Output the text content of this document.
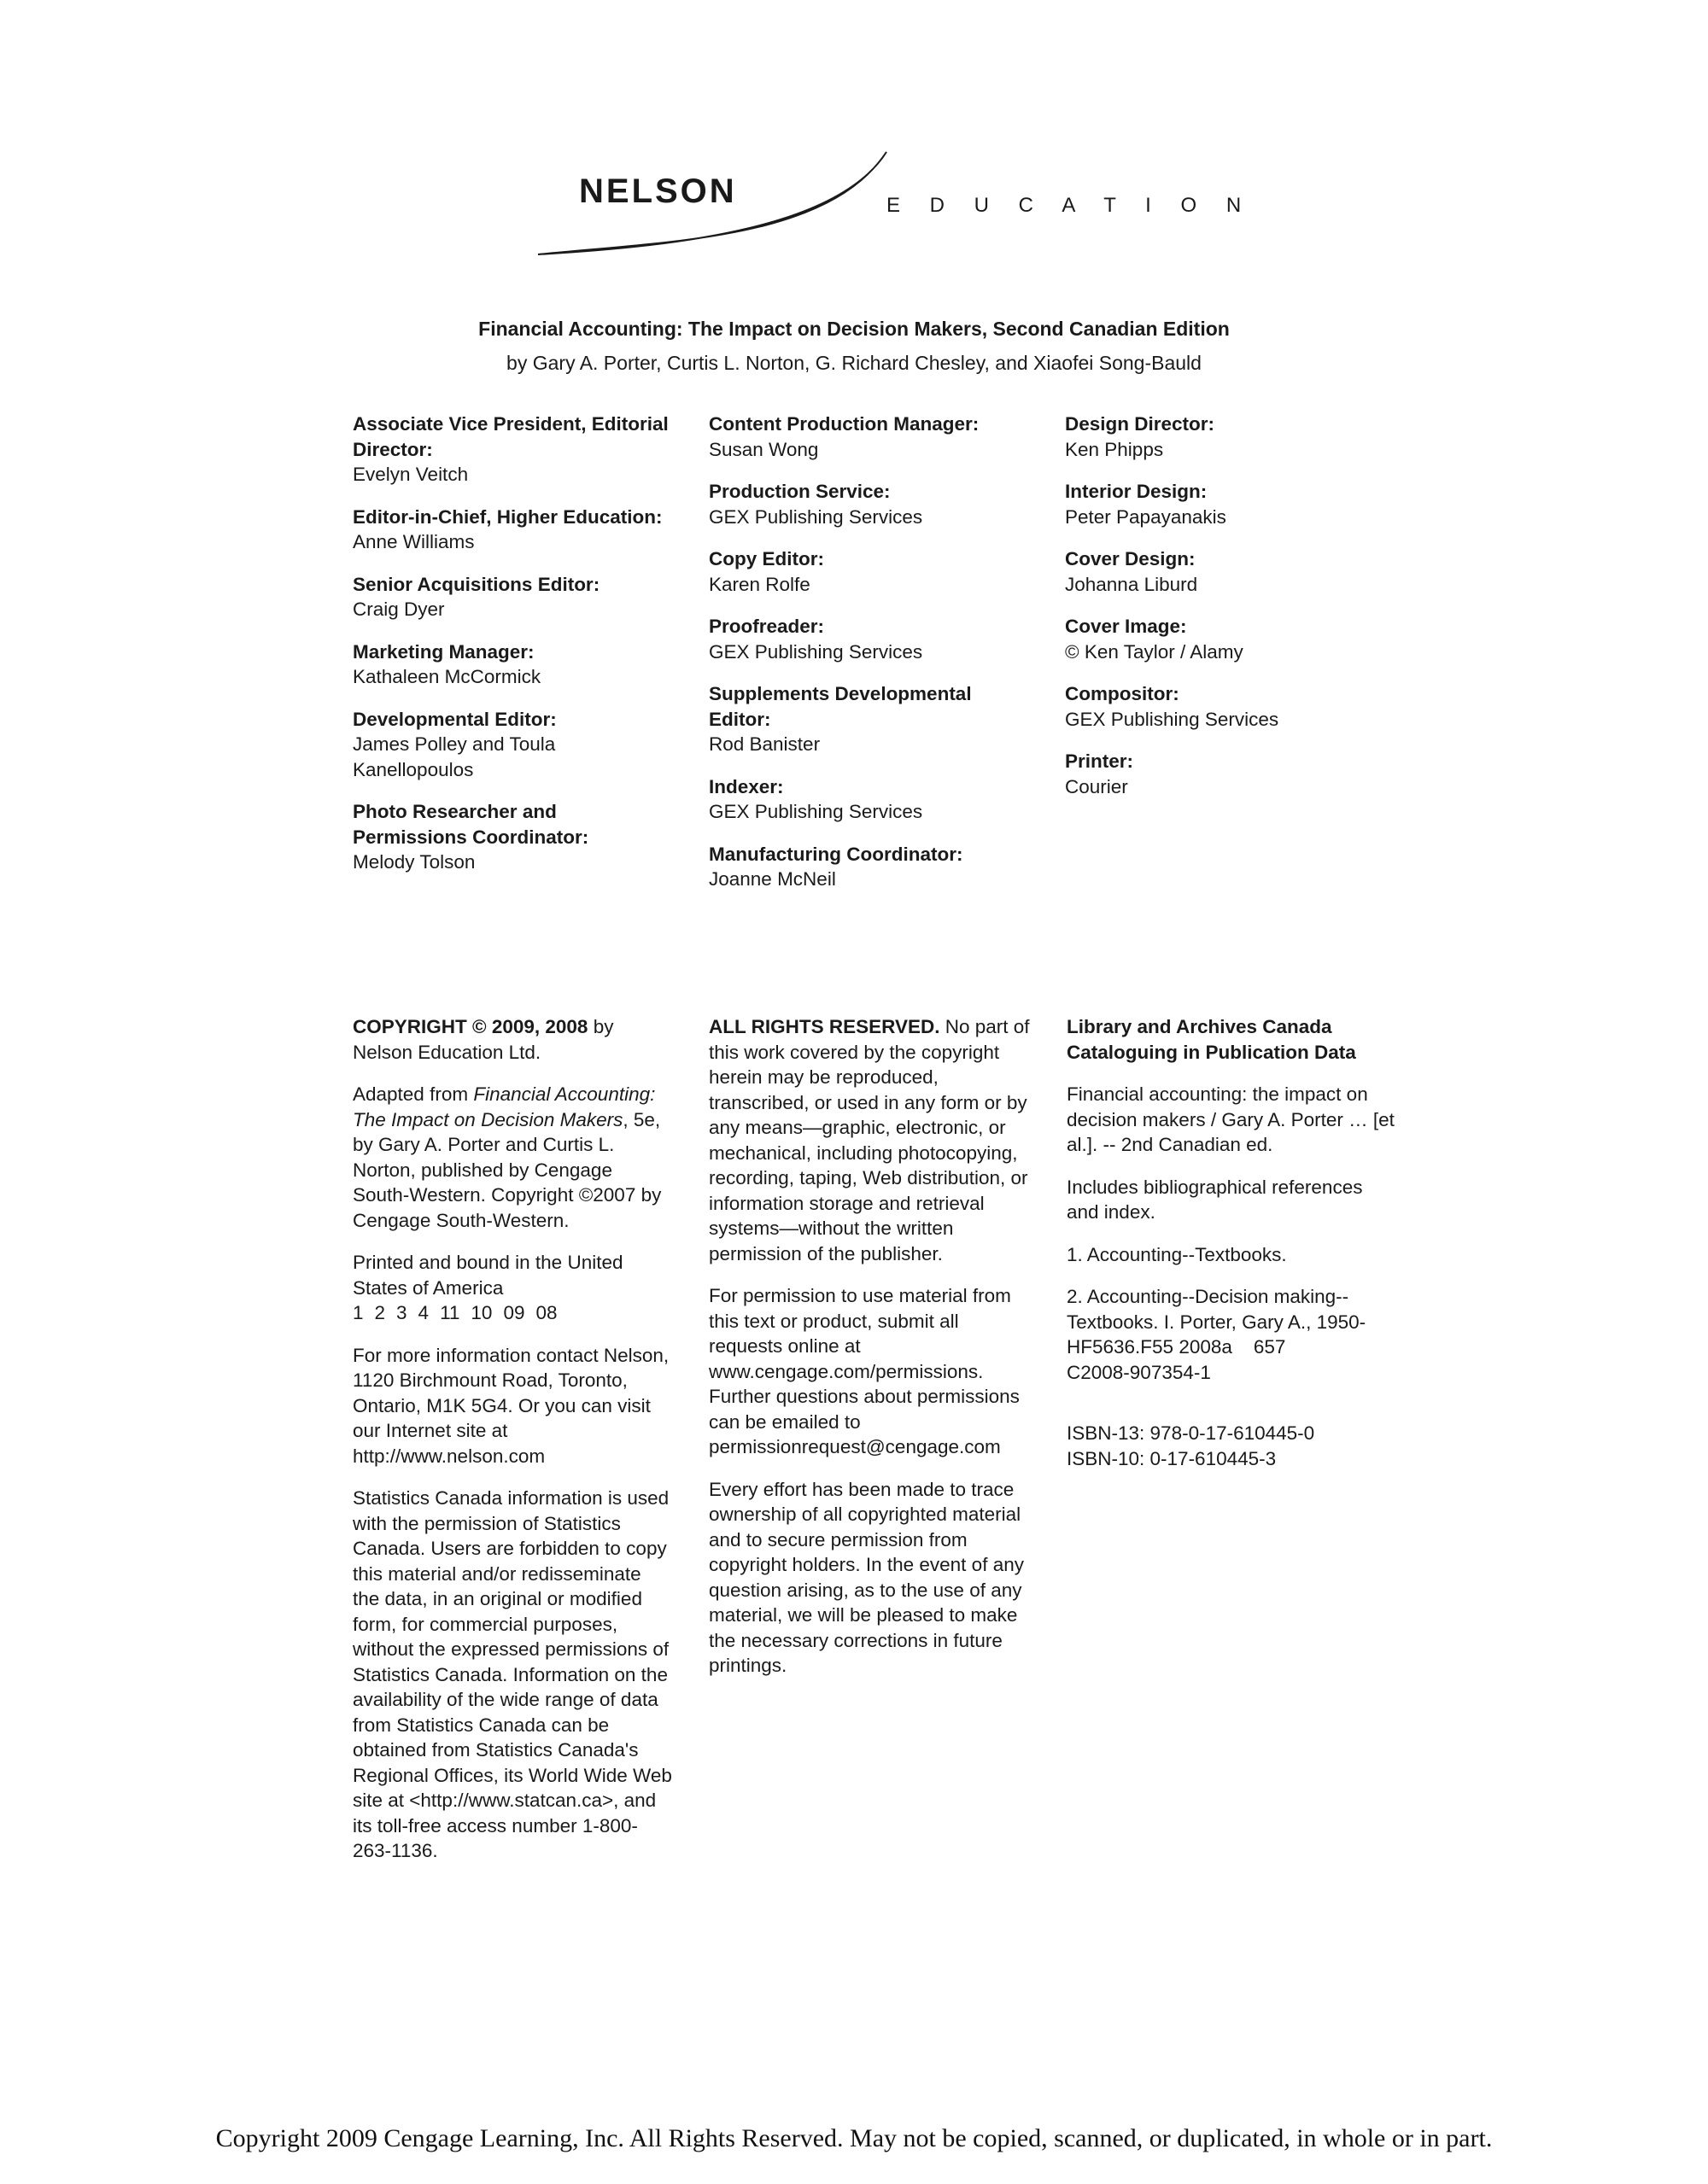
NELSON	E D U C A T I O N
Financial Accounting: The Impact on Decision Makers, Second Canadian Edition
by Gary A. Porter, Curtis L. Norton, G. Richard Chesley, and Xiaofei Song-Bauld
Associate Vice President, Editorial Director:
Evelyn Veitch
Editor-in-Chief, Higher Education:
Anne Williams
Senior Acquisitions Editor:
Craig Dyer
Marketing Manager:
Kathaleen McCormick
Developmental Editor:
James Polley and Toula Kanellopoulos
Photo Researcher and Permissions Coordinator:
Melody Tolson
Content Production Manager:
Susan Wong
Production Service:
GEX Publishing Services
Copy Editor:
Karen Rolfe
Proofreader:
GEX Publishing Services
Supplements Developmental Editor:
Rod Banister
Indexer:
GEX Publishing Services
Manufacturing Coordinator:
Joanne McNeil
Design Director:
Ken Phipps
Interior Design:
Peter Papayanakis
Cover Design:
Johanna Liburd
Cover Image:
© Ken Taylor / Alamy
Compositor:
GEX Publishing Services
Printer:
Courier
COPYRIGHT © 2009, 2008 by Nelson Education Ltd.
Adapted from Financial Accounting: The Impact on Decision Makers, 5e, by Gary A. Porter and Curtis L. Norton, published by Cengage South-Western. Copyright ©2007 by Cengage South-Western.
Printed and bound in the United States of America
1 2 3 4 11 10 09 08
For more information contact Nelson, 1120 Birchmount Road, Toronto, Ontario, M1K 5G4. Or you can visit our Internet site at http://www.nelson.com
Statistics Canada information is used with the permission of Statistics Canada. Users are forbidden to copy this material and/or redisseminate the data, in an original or modified form, for commercial purposes, without the expressed permissions of Statistics Canada. Information on the availability of the wide range of data from Statistics Canada can be obtained from Statistics Canada's Regional Offices, its World Wide Web site at <http://www.statcan.ca>, and its toll-free access number 1-800-263-1136.
ALL RIGHTS RESERVED. No part of this work covered by the copyright herein may be reproduced, transcribed, or used in any form or by any means—graphic, electronic, or mechanical, including photocopying, recording, taping, Web distribution, or information storage and retrieval systems—without the written permission of the publisher.
For permission to use material from this text or product, submit all requests online at www.cengage.com/permissions. Further questions about permissions can be emailed to permissionrequest@cengage.com
Every effort has been made to trace ownership of all copyrighted material and to secure permission from copyright holders. In the event of any question arising, as to the use of any material, we will be pleased to make the necessary corrections in future printings.
Library and Archives Canada Cataloguing in Publication Data
Financial accounting: the impact on decision makers / Gary A. Porter … [et al.]. -- 2nd Canadian ed.
Includes bibliographical references and index.
1. Accounting--Textbooks.
2. Accounting--Decision making--Textbooks. I. Porter, Gary A., 1950-
HF5636.F55 2008a    657
C2008-907354-1
ISBN-13: 978-0-17-610445-0
ISBN-10: 0-17-610445-3
Copyright 2009 Cengage Learning, Inc. All Rights Reserved. May not be copied, scanned, or duplicated, in whole or in part.
